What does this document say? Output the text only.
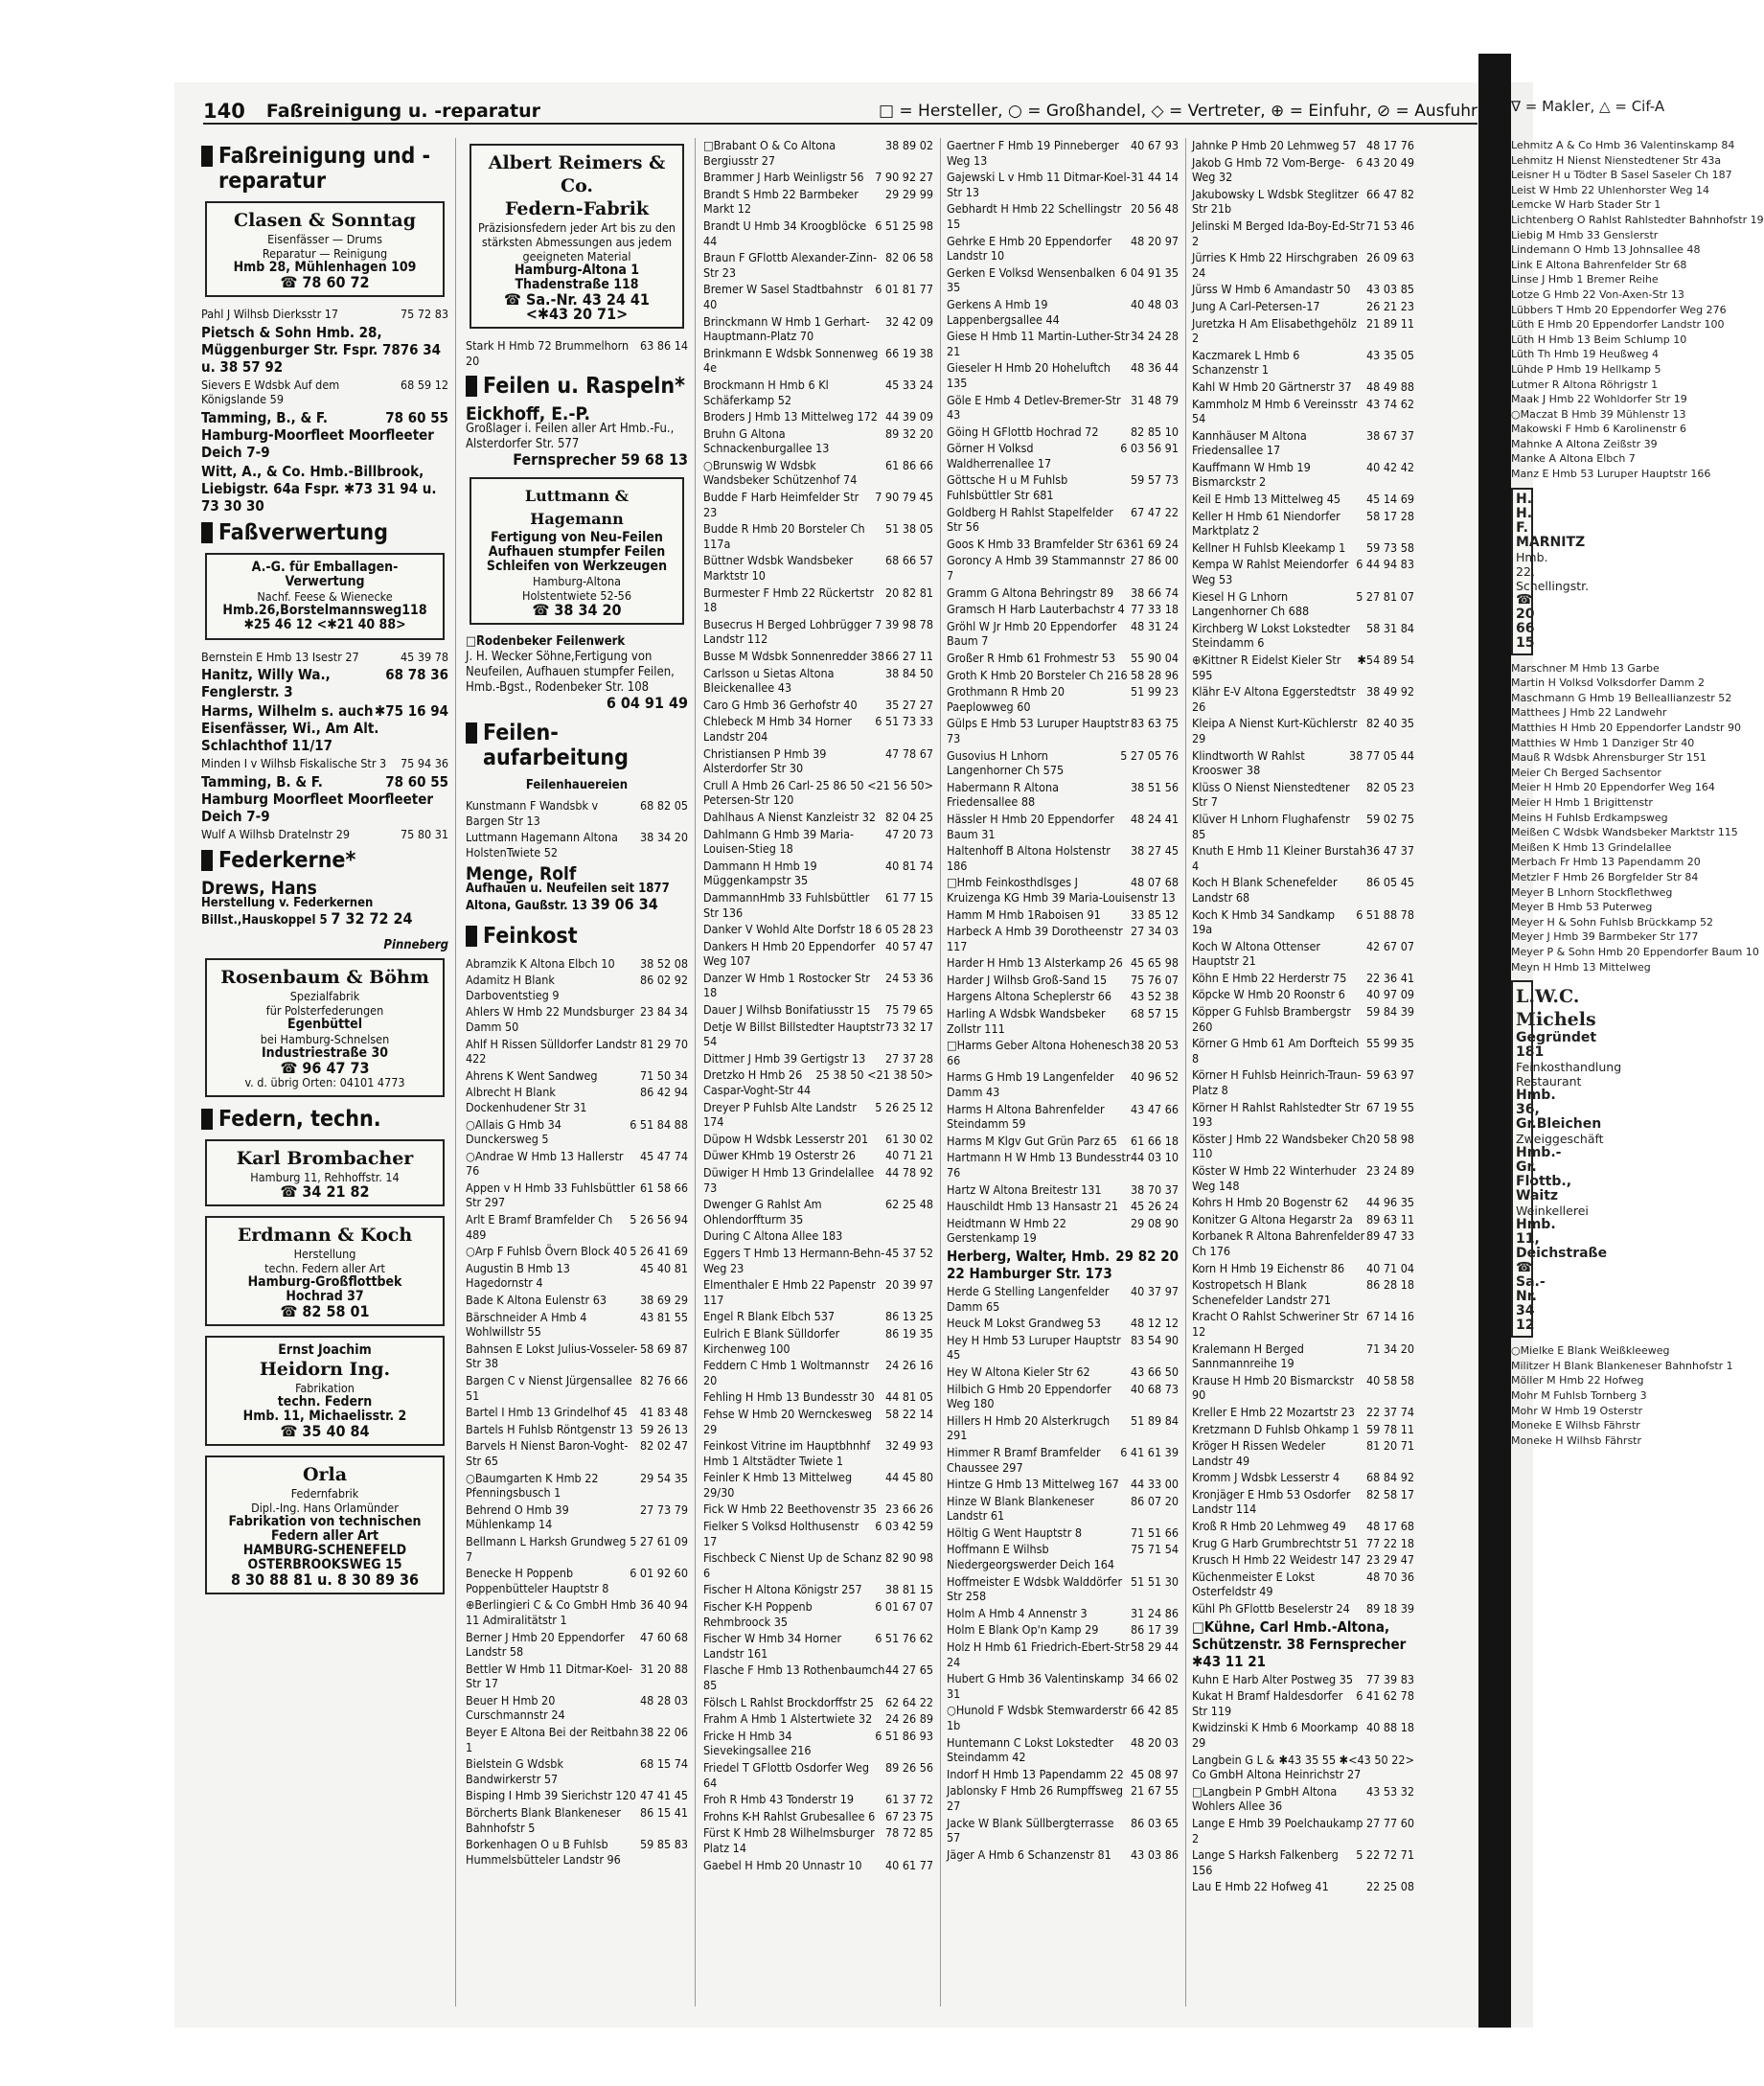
140 Faßreinigung u. -reparatur	□ = Hersteller, ○ = Großhandel, ◇ = Vertreter, ⊕ = Einfuhr, ⊘ = Ausfuhr
Faßreinigung und -reparatur
Clasen & Sonntag
Eisenfässer — Drums
Reparatur — Reinigung
Hmb 28, Mühlenhagen 109
☎ 78 60 72
75 72 83
Pahl J Wilhsb Dierksstr 17
Pietsch & Sohn Hmb. 28, Müggenburger Str. Fspr. 7876 34 u. 38 57 92
68 59 12
Sievers E Wdsbk Auf dem Königslande 59
78 60 55
Tamming, B., & F. Hamburg-Moorfleet Moorfleeter Deich 7-9
Witt, A., & Co. Hmb.-Billbrook, Liebigstr. 64a Fspr. ✱73 31 94 u. 73 30 30
Faßverwertung
A.-G. für Emballagen-Verwertung
Nachf. Feese & Wienecke
Hmb.26,Borstelmannsweg118
✱25 46 12 <✱21 40 88>
45 39 78
Bernstein E Hmb 13 Isestr 27
68 78 36
Hanitz, Willy Wa., Fenglerstr. 3
✱75 16 94
Harms, Wilhelm s. auch Eisenfässer, Wi., Am Alt. Schlachthof 11/17
75 94 36
Minden I v Wilhsb Fiskalische Str 3
78 60 55
Tamming, B. & F. Hamburg Moorfleet Moorfleeter Deich 7-9
75 80 31
Wulf A Wilhsb Dratelnstr 29
Federkerne*
Drews, Hans
Herstellung v. Federkernen
Billst.,Hauskoppel 5 7 32 72 24
Pinneberg
Rosenbaum & Böhm
Spezialfabrik
für Polsterfederungen
Egenbüttel
bei Hamburg-Schnelsen
Industriestraße 30
☎ 96 47 73
v. d. übrig Orten: 04101 4773
Federn, techn.
Karl Brombacher
Hamburg 11, Rehhoffstr. 14
☎ 34 21 82
Erdmann & Koch
Herstellung
techn. Federn aller Art
Hamburg-Großflottbek
Hochrad 37
☎ 82 58 01
Ernst Joachim
Heidorn Ing.
Fabrikation
techn. Federn
Hmb. 11, Michaelisstr. 2
☎ 35 40 84
Orla
Federnfabrik
Dipl.-Ing. Hans Orlamünder
Fabrikation von technischen Federn aller Art
HAMBURG-SCHENEFELD
OSTERBROOKSWEG 15
8 30 88 81 u. 8 30 89 36
Albert Reimers & Co.
Federn-Fabrik
Präzisionsfedern jeder Art bis zu den stärksten Abmessungen aus jedem geeigneten Material
Hamburg-Altona 1
Thadenstraße 118
☎ Sa.-Nr. 43 24 41
<✱43 20 71>
63 86 14
Stark H Hmb 72 Brummelhorn 20
Feilen u. Raspeln*
Eickhoff, E.-P.
Großlager i. Feilen aller Art Hmb.-Fu., Alsterdorfer Str. 577
Fernsprecher 59 68 13
Luttmann & Hagemann
Fertigung von Neu-Feilen
Aufhauen stumpfer Feilen
Schleifen von Werkzeugen
Hamburg-Altona
Holstentwiete 52-56
☎ 38 34 20
□Rodenbeker Feilenwerk
J. H. Wecker Söhne,Fertigung von Neufeilen, Aufhauen stumpfer Feilen, Hmb.-Bgst., Rodenbeker Str. 108
6 04 91 49
Feilen-aufarbeitung
Feilenhauereien
68 82 05
Kunstmann F Wandsbk v Bargen Str 13
38 34 20
Luttmann Hagemann Altona HolstenTwiete 52
Menge, Rolf
Aufhauen u. Neufeilen seit 1877 Altona, Gaußstr. 13 39 06 34
Feinkost
38 52 08
Abramzik K Altona Elbch 10
86 02 92
Adamitz H Blank Darboventstieg 9
23 84 34
Ahlers W Hmb 22 Mundsburger Damm 50
81 29 70
Ahlf H Rissen Sülldorfer Landstr 422
71 50 34
Ahrens K Went Sandweg
86 42 94
Albrecht H Blank Dockenhudener Str 31
6 51 84 88
○Allais G Hmb 34 Dunckersweg 5
45 47 74
○Andrae W Hmb 13 Hallerstr 76
61 58 66
Appen v H Hmb 33 Fuhlsbüttler Str 297
5 26 56 94
Arlt E Bramf Bramfelder Ch 489
5 26 41 69
○Arp F Fuhlsb Övern Block 40
45 40 81
Augustin B Hmb 13 Hagedornstr 4
38 69 29
Bade K Altona Eulenstr 63
43 81 55
Bärschneider A Hmb 4 Wohlwillstr 55
58 69 87
Bahnsen E Lokst Julius-Vosseler-Str 38
82 76 66
Bargen C v Nienst Jürgensallee 51
41 83 48
Bartel I Hmb 13 Grindelhof 45
59 26 13
Bartels H Fuhlsb Röntgenstr 13
82 02 47
Barvels H Nienst Baron-Voght-Str 65
29 54 35
○Baumgarten K Hmb 22 Pfenningsbusch 1
27 73 79
Behrend O Hmb 39 Mühlenkamp 14
5 27 61 09
Bellmann L Harksh Grundweg 7
6 01 92 60
Benecke H Poppenb Poppenbütteler Hauptstr 8
36 40 94
⊕Berlingieri C & Co GmbH Hmb 11 Admiralitätstr 1
47 60 68
Berner J Hmb 20 Eppendorfer Landstr 58
31 20 88
Bettler W Hmb 11 Ditmar-Koel-Str 17
48 28 03
Beuer H Hmb 20 Curschmannstr 24
38 22 06
Beyer E Altona Bei der Reitbahn 1
68 15 74
Bielstein G Wdsbk Bandwirkerstr 57
47 41 45
Bisping I Hmb 39 Sierichstr 120
86 15 41
Börcherts Blank Blankeneser Bahnhofstr 5
59 85 83
Borkenhagen O u B Fuhlsb Hummelsbütteler Landstr 96
38 89 02
□Brabant O & Co Altona Bergiusstr 27
7 90 92 27
Brammer J Harb Weinligstr 56
29 29 99
Brandt S Hmb 22 Barmbeker Markt 12
6 51 25 98
Brandt U Hmb 34 Kroogblöcke 44
82 06 58
Braun F GFlottb Alexander-Zinn-Str 23
6 01 81 77
Bremer W Sasel Stadtbahnstr 40
32 42 09
Brinckmann W Hmb 1 Gerhart-Hauptmann-Platz 70
66 19 38
Brinkmann E Wdsbk Sonnenweg 4e
45 33 24
Brockmann H Hmb 6 Kl Schäferkamp 52
44 39 09
Broders J Hmb 13 Mittelweg 172
89 32 20
Bruhn G Altona Schnackenburgallee 13
61 86 66
○Brunswig W Wdsbk Wandsbeker Schützenhof 74
7 90 79 45
Budde F Harb Heimfelder Str 23
51 38 05
Budde R Hmb 20 Borsteler Ch 117a
68 66 57
Büttner Wdsbk Wandsbeker Marktstr 10
20 82 81
Burmester F Hmb 22 Rückertstr 18
7 39 98 78
Busecrus H Berged Lohbrügger Landstr 112
66 27 11
Busse M Wdsbk Sonnenredder 38
38 84 50
Carlsson u Sietas Altona Bleickenallee 43
35 27 27
Caro G Hmb 36 Gerhofstr 40
6 51 73 33
Chlebeck M Hmb 34 Horner Landstr 204
47 78 67
Christiansen P Hmb 39 Alsterdorfer Str 30
25 86 50 <21 56 50>
Crull A Hmb 26 Carl-Petersen-Str 120
82 04 25
Dahlhaus A Nienst Kanzleistr 32
47 20 73
Dahlmann G Hmb 39 Maria-Louisen-Stieg 18
40 81 74
Dammann H Hmb 19 Müggenkampstr 35
61 77 15
DammannHmb 33 Fuhlsbüttler Str 136
6 05 28 23
Danker V Wohld Alte Dorfstr 18
40 57 47
Dankers H Hmb 20 Eppendorfer Weg 107
24 53 36
Danzer W Hmb 1 Rostocker Str 18
75 79 65
Dauer J Wilhsb Bonifatiusstr 15
73 32 17
Detje W Billst Billstedter Hauptstr 54
27 37 28
Dittmer J Hmb 39 Gertigstr 13
25 38 50 <21 38 50>
Dretzko H Hmb 26 Caspar-Voght-Str 44
5 26 25 12
Dreyer P Fuhlsb Alte Landstr 174
61 30 02
Düpow H Wdsbk Lesserstr 201
40 71 21
Düwer KHmb 19 Osterstr 26
44 78 92
Düwiger H Hmb 13 Grindelallee 73
62 25 48
Dwenger G Rahlst Am Ohlendorffturm 35
During C Altona Allee 183
45 37 52
Eggers T Hmb 13 Hermann-Behn-Weg 23
20 39 97
Elmenthaler E Hmb 22 Papenstr 117
86 13 25
Engel R Blank Elbch 537
86 19 35
Eulrich E Blank Sülldorfer Kirchenweg 100
24 26 16
Feddern C Hmb 1 Woltmannstr 20
44 81 05
Fehling H Hmb 13 Bundesstr 30
58 22 14
Fehse W Hmb 20 Wernckesweg 29
32 49 93
Feinkost Vitrine im Hauptbhnhf Hmb 1 Altstädter Twiete 1
44 45 80
Feinler K Hmb 13 Mittelweg 29/30
23 66 26
Fick W Hmb 22 Beethovenstr 35
6 03 42 59
Fielker S Volksd Holthusenstr 17
82 90 98
Fischbeck C Nienst Up de Schanz 6
38 81 15
Fischer H Altona Königstr 257
6 01 67 07
Fischer K-H Poppenb Rehmbroock 35
6 51 76 62
Fischer W Hmb 34 Horner Landstr 161
44 27 65
Flasche F Hmb 13 Rothenbaumch 85
62 64 22
Fölsch L Rahlst Brockdorffstr 25
24 26 89
Frahm A Hmb 1 Alstertwiete 32
6 51 86 93
Fricke H Hmb 34 Sievekingsallee 216
89 26 56
Friedel T GFlottb Osdorfer Weg 64
61 37 72
Froh R Hmb 43 Tonderstr 19
67 23 75
Frohns K-H Rahlst Grubesallee 6
78 72 85
Fürst K Hmb 28 Wilhelmsburger Platz 14
40 61 77
Gaebel H Hmb 20 Unnastr 10
40 67 93
Gaertner F Hmb 19 Pinneberger Weg 13
31 44 14
Gajewski L v Hmb 11 Ditmar-Koel-Str 13
20 56 48
Gebhardt H Hmb 22 Schellingstr 15
48 20 97
Gehrke E Hmb 20 Eppendorfer Landstr 10
6 04 91 35
Gerken E Volksd Wensenbalken 35
40 48 03
Gerkens A Hmb 19 Lappenbergsallee 44
34 24 28
Giese H Hmb 11 Martin-Luther-Str 21
48 36 44
Gieseler H Hmb 20 Hoheluftch 135
31 48 79
Göle E Hmb 4 Detlev-Bremer-Str 43
82 85 10
Göing H GFlottb Hochrad 72
6 03 56 91
Görner H Volksd Waldherrenallee 17
59 57 73
Göttsche H u M Fuhlsb Fuhlsbüttler Str 681
67 47 22
Goldberg H Rahlst Stapelfelder Str 56
61 69 24
Goos K Hmb 33 Bramfelder Str 63
27 86 00
Goroncy A Hmb 39 Stammannstr 7
38 66 74
Gramm G Altona Behringstr 89
77 33 18
Gramsch H Harb Lauterbachstr 4
48 31 24
Gröhl W Jr Hmb 20 Eppendorfer Baum 7
55 90 04
Großer R Hmb 61 Frohmestr 53
58 28 96
Groth K Hmb 20 Borsteler Ch 216
51 99 23
Grothmann R Hmb 20 Paeplowweg 60
83 63 75
Gülps E Hmb 53 Luruper Hauptstr 73
5 27 05 76
Gusovius H Lnhorn Langenhorner Ch 575
38 51 56
Habermann R Altona Friedensallee 88
48 24 41
Hässler H Hmb 20 Eppendorfer Baum 31
38 27 45
Haltenhoff B Altona Holstenstr 186
48 07 68
□Hmb Feinkosthdlsges J Kruizenga KG Hmb 39 Maria-Louisenstr 13
33 85 12
Hamm M Hmb 1Raboisen 91
27 34 03
Harbeck A Hmb 39 Dorotheenstr 117
45 65 98
Harder H Hmb 13 Alsterkamp 26
75 76 07
Harder J Wilhsb Groß-Sand 15
43 52 38
Hargens Altona Scheplerstr 66
68 57 15
Harling A Wdsbk Wandsbeker Zollstr 111
38 20 53
□Harms Geber Altona Hohenesch 66
40 96 52
Harms G Hmb 19 Langenfelder Damm 43
43 47 66
Harms H Altona Bahrenfelder Steindamm 59
61 66 18
Harms M Klgv Gut Grün Parz 65
44 03 10
Hartmann H W Hmb 13 Bundesstr 76
38 70 37
Hartz W Altona Breitestr 131
45 26 24
Hauschildt Hmb 13 Hansastr 21
29 08 90
Heidtmann W Hmb 22 Gerstenkamp 19
29 82 20
Herberg, Walter, Hmb. 22 Hamburger Str. 173
40 37 97
Herde G Stelling Langenfelder Damm 65
48 12 12
Heuck M Lokst Grandweg 53
83 54 90
Hey H Hmb 53 Luruper Hauptstr 45
43 66 50
Hey W Altona Kieler Str 62
40 68 73
Hilbich G Hmb 20 Eppendorfer Weg 180
51 89 84
Hillers H Hmb 20 Alsterkrugch 291
6 41 61 39
Himmer R Bramf Bramfelder Chaussee 297
44 33 00
Hintze G Hmb 13 Mittelweg 167
86 07 20
Hinze W Blank Blankeneser Landstr 61
71 51 66
Höltig G Went Hauptstr 8
75 71 54
Hoffmann E Wilhsb Niedergeorgswerder Deich 164
51 51 30
Hoffmeister E Wdsbk Walddörfer Str 258
31 24 86
Holm A Hmb 4 Annenstr 3
86 17 39
Holm E Blank Op'n Kamp 29
58 29 44
Holz H Hmb 61 Friedrich-Ebert-Str 24
34 66 02
Hubert G Hmb 36 Valentinskamp 31
66 42 85
○Hunold F Wdsbk Stemwarderstr 1b
48 20 03
Huntemann C Lokst Lokstedter Steindamm 42
45 08 97
Indorf H Hmb 13 Papendamm 22
21 67 55
Jablonsky F Hmb 26 Rumpffsweg 27
86 03 65
Jacke W Blank Süllbergterrasse 57
43 03 86
Jäger A Hmb 6 Schanzenstr 81
48 17 76
Jahnke P Hmb 20 Lehmweg 57
6 43 20 49
Jakob G Hmb 72 Vom-Berge-Weg 32
66 47 82
Jakubowsky L Wdsbk Steglitzer Str 21b
71 53 46
Jelinski M Berged Ida-Boy-Ed-Str 2
26 09 63
Jürries K Hmb 22 Hirschgraben 24
43 03 85
Jürss W Hmb 6 Amandastr 50
26 21 23
Jung A Carl-Petersen-17
21 89 11
Juretzka H Am Elisabethgehölz 2
43 35 05
Kaczmarek L Hmb 6 Schanzenstr 1
48 49 88
Kahl W Hmb 20 Gärtnerstr 37
43 74 62
Kammholz M Hmb 6 Vereinsstr 54
38 67 37
Kannhäuser M Altona Friedensallee 17
40 42 42
Kauffmann W Hmb 19 Bismarckstr 2
45 14 69
Keil E Hmb 13 Mittelweg 45
58 17 28
Keller H Hmb 61 Niendorfer Marktplatz 2
59 73 58
Kellner H Fuhlsb Kleekamp 1
6 44 94 83
Kempa W Rahlst Meiendorfer Weg 53
5 27 81 07
Kiesel H G Lnhorn Langenhorner Ch 688
58 31 84
Kirchberg W Lokst Lokstedter Steindamm 6
✱54 89 54
⊕Kittner R Eidelst Kieler Str 595
38 49 92
Klähr E-V Altona Eggerstedtstr 26
82 40 35
Kleipa A Nienst Kurt-Küchlerstr 29
38 77 05 44
Klindtworth W Rahlst Krooswег 38
82 05 23
Klüss O Nienst Nienstedtener Str 7
59 02 75
Klüver H Lnhorn Flughafenstr 85
36 47 37
Knuth E Hmb 11 Kleiner Burstah 4
86 05 45
Koch H Blank Schenefelder Landstr 68
6 51 88 78
Koch K Hmb 34 Sandkamp 19a
42 67 07
Koch W Altona Ottenser Hauptstr 21
22 36 41
Köhn E Hmb 22 Herderstr 75
40 97 09
Köpcke W Hmb 20 Roonstr 6
59 84 39
Köpper G Fuhlsb Brambergstr 260
55 99 35
Körner G Hmb 61 Am Dorfteich 8
59 63 97
Körner H Fuhlsb Heinrich-Traun-Platz 8
67 19 55
Körner H Rahlst Rahlstedter Str 193
20 58 98
Köster J Hmb 22 Wandsbeker Ch 110
23 24 89
Köster W Hmb 22 Winterhuder Weg 148
44 96 35
Kohrs H Hmb 20 Bogenstr 62
89 63 11
Konitzer G Altona Hegarstr 2a
89 47 33
Korbanek R Altona Bahrenfelder Ch 176
40 71 04
Korn H Hmb 19 Eichenstr 86
86 28 18
Kostropetsch H Blank Schenefelder Landstr 271
67 14 16
Kracht O Rahlst Schweriner Str 12
71 34 20
Kralemann H Berged Sannmannreihe 19
40 58 58
Krause H Hmb 20 Bismarckstr 90
22 37 74
Kreller E Hmb 22 Mozartstr 23
59 78 11
Kretzmann D Fuhlsb Ohkamp 1
81 20 71
Kröger H Rissen Wedeler Landstr 49
68 84 92
Kromm J Wdsbk Lesserstr 4
82 58 17
Kronjäger E Hmb 53 Osdorfer Landstr 114
48 17 68
Kroß R Hmb 20 Lehmweg 49
77 22 18
Krug G Harb Grumbrechtstr 51
23 29 47
Krusch H Hmb 22 Weidestr 147
48 70 36
Küchenmeister E Lokst Osterfeldstr 49
89 18 39
Kühl Ph GFlottb Beselerstr 24
□Kühne, Carl Hmb.-Altona, Schützenstr. 38 Fernsprecher ✱43 11 21
77 39 83
Kuhn E Harb Alter Postweg 35
6 41 62 78
Kukat H Bramf Haldesdorfer Str 119
40 88 18
Kwidzinski K Hmb 6 Moorkamp 29
✱43 35 55 ✱<43 50 22>
Langbein G L & Co GmbH Altona Heinrichstr 27
43 53 32
□Langbein P GmbH Altona Wohlers Allee 36
27 77 60
Lange E Hmb 39 Poelchaukamp 2
5 22 72 71
Lange S Harksh Falkenberg 156
22 25 08
Lau E Hmb 22 Hofweg 41
∇ = Makler, △ = Cif-A
Lehmitz A & Co Hmb 36 Valentinskamp 84
Lehmitz H Nienst Nienstedtener Str 43a
Leisner H u Tödter B Sasel Saseler Ch 187
Leist W Hmb 22 Uhlenhorster Weg 14
Lemcke W Harb Stader Str 1
Lichtenberg O Rahlst Rahlstedter Bahnhofstr 19
Liebig M Hmb 33 Genslerstr
Lindemann O Hmb 13 Johnsallee 48
Link E Altona Bahrenfelder Str 68
Linse J Hmb 1 Bremer Reihe
Lotze G Hmb 22 Von-Axen-Str 13
Lübbers T Hmb 20 Eppendorfer Weg 276
Lüth E Hmb 20 Eppendorfer Landstr 100
Lüth H Hmb 13 Beim Schlump 10
Lüth Th Hmb 19 Heußweg 4
Lühde P Hmb 19 Hellkamp 5
Lutmer R Altona Röhrigstr 1
Maak J Hmb 22 Wohldorfer Str 19
○Maczat B Hmb 39 Mühlenstr 13
Makowski F Hmb 6 Karolinenstr 6
Mahnke A Altona Zeißstr 39
Manke A Altona Elbch 7
Manz E Hmb 53 Luruper Hauptstr 166
H. H. F. MARNITZ
Hmb. 22, Schellingstr.
☎ 20 66 15
Marschner M Hmb 13 Garbe
Martin H Volksd Volksdorfer Damm 2
Maschmann G Hmb 19 Belleallianzestr 52
Matthees J Hmb 22 Landwehr
Matthies H Hmb 20 Eppendorfer Landstr 90
Matthies W Hmb 1 Danziger Str 40
Mauß R Wdsbk Ahrensburger Str 151
Meier Ch Berged Sachsentor
Meier H Hmb 20 Eppendorfer Weg 164
Meier H Hmb 1 Brigittenstr
Meins H Fuhlsb Erdkampsweg
Meißen C Wdsbk Wandsbeker Marktstr 115
Meißen K Hmb 13 Grindelallee
Merbach Fr Hmb 13 Papendamm 20
Metzler F Hmb 26 Borgfelder Str 84
Meyer B Lnhorn Stockflethweg
Meyer B Hmb 53 Puterweg
Meyer H & Sohn Fuhlsb Brückkamp 52
Meyer J Hmb 39 Barmbeker Str 177
Meyer P & Sohn Hmb 20 Eppendorfer Baum 10
Meyn H Hmb 13 Mittelweg
L.W.C. Michels
Gegründet 181
Feinkosthandlung
Restaurant
Hmb. 36, Gr.Bleichen
Zweiggeschäft
Hmb.-Gr. Flottb., Waitz
Weinkellerei
Hmb. 11, Deichstraße
☎ Sa.-Nr. 34 12
○Mielke E Blank Weißkleeweg
Militzer H Blank Blankeneser Bahnhofstr 1
Möller M Hmb 22 Hofweg
Mohr M Fuhlsb Tornberg 3
Mohr W Hmb 19 Osterstr
Moneke E Wilhsb Fährstr
Moneke H Wilhsb Fährstr
